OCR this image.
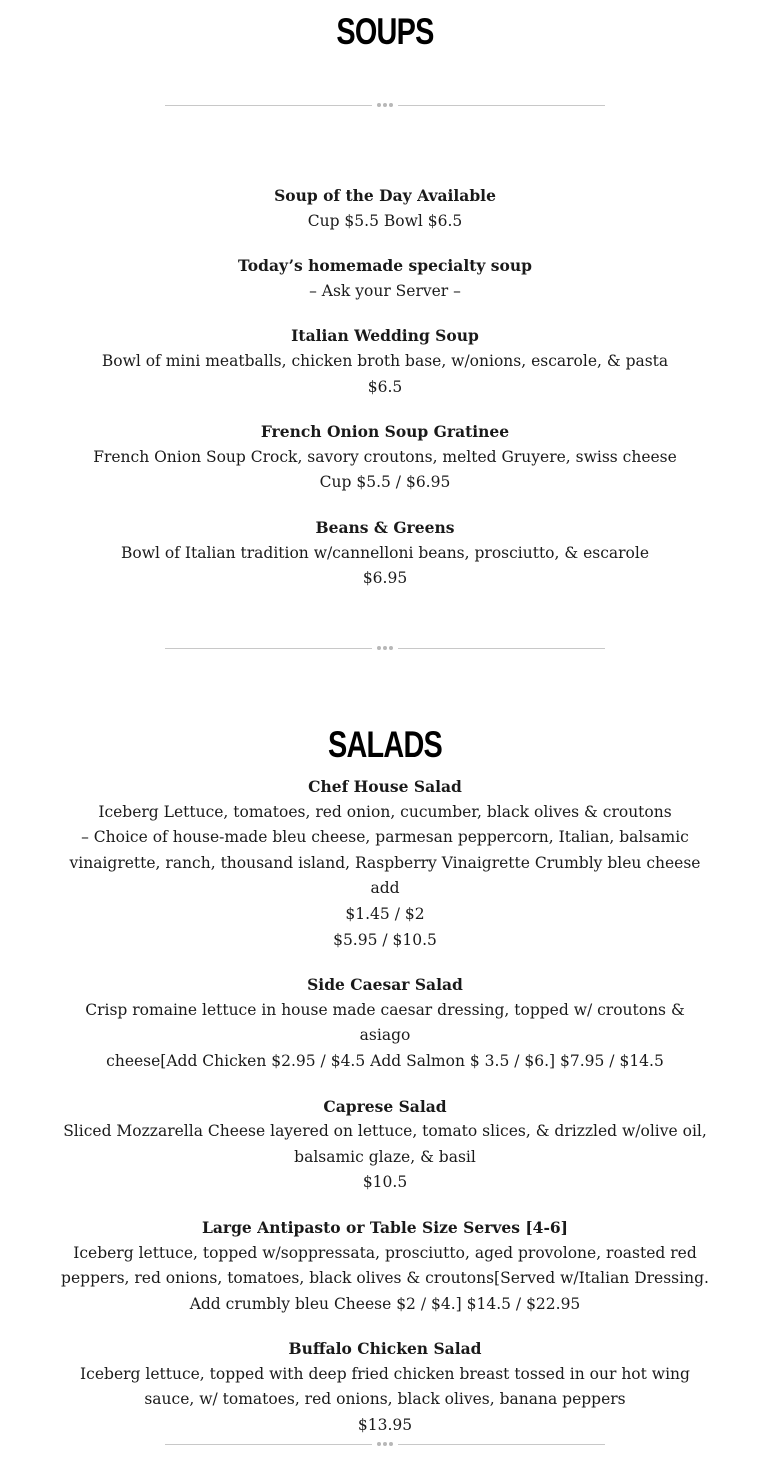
SOUPS

Soup of the Day Available

Cup $5.5 Bowl $6.5

Today’s homemade specialty soup

– Ask your Server –

Italian Wedding Soup

Bowl of mini meatballs, chicken broth base, w/onions, escarole, & pasta

$6.5

French Onion Soup Gratinee

French Onion Soup Crock, savory croutons, melted Gruyere, swiss cheese

Cup $5.5 / $6.95

Beans & Greens

Bowl of Italian tradition w/cannelloni beans, prosciutto, & escarole

$6.95

SALADS

Chef House Salad

Iceberg Lettuce, tomatoes, red onion, cucumber, black olives & croutons

– Choice of house-made bleu cheese, parmesan peppercorn, Italian, balsamic

vinaigrette, ranch, thousand island, Raspberry Vinaigrette Crumbly bleu cheese add

$1.45 / $2

$5.95 / $10.5

Side Caesar Salad

Crisp romaine lettuce in house made caesar dressing, topped w/ croutons & asiago

cheese[Add Chicken $2.95 / $4.5 Add Salmon $ 3.5 / $6.] $7.95 / $14.5

Caprese Salad

Sliced Mozzarella Cheese layered on lettuce, tomato slices, & drizzled w/olive oil,

balsamic glaze, & basil

$10.5

Large Antipasto or Table Size Serves [4-6]

Iceberg lettuce, topped w/soppressata, prosciutto, aged provolone, roasted red

peppers, red onions, tomatoes, black olives & croutons[Served w/Italian Dressing.

Add crumbly bleu Cheese $2 / $4.] $14.5 / $22.95

Buffalo Chicken Salad

Iceberg lettuce, topped with deep fried chicken breast tossed in our hot wing

sauce, w/ tomatoes, red onions, black olives, banana peppers

$13.95
